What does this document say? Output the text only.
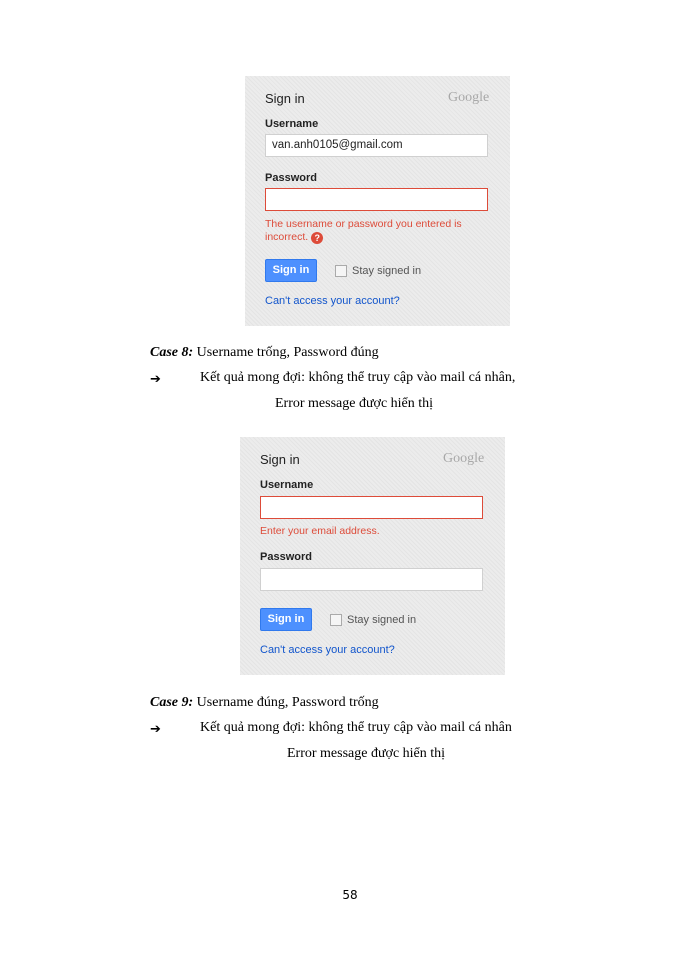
Sign in	Google
Username
van.anh0105@gmail.com
Password
The username or password you entered is
incorrect. ?
Sign in	Stay signed in
Can't access your account?
Case 8: Username trống, Password đúng
➔	Kết quả mong đợi: không thể truy cập vào mail cá nhân,
Error message được hiển thị
Sign in	Google
Username
Enter your email address.
Password
Sign in	Stay signed in
Can't access your account?
Case 9: Username đúng, Password trống
➔	Kết quả mong đợi: không thể truy cập vào mail cá nhân
Error message được hiển thị
58
